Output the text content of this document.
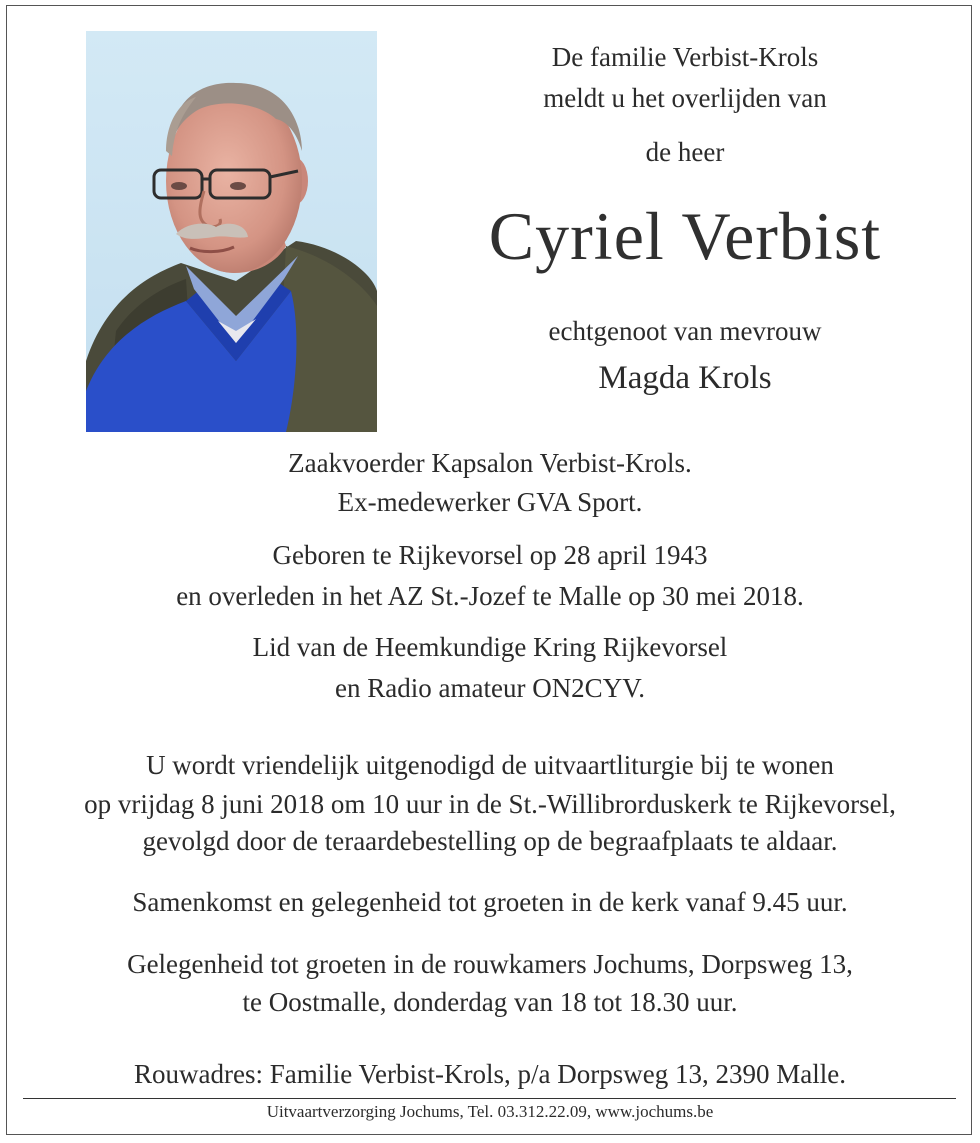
De familie Verbist-Krols
meldt u het overlijden van
de heer
Cyriel Verbist
echtgenoot van mevrouw
Magda Krols
Zaakvoerder Kapsalon Verbist-Krols.
Ex-medewerker GVA Sport.
Geboren te Rijkevorsel op 28 april 1943
en overleden in het AZ St.-Jozef te Malle op 30 mei 2018.
Lid van de Heemkundige Kring Rijkevorsel
en Radio amateur ON2CYV.
U wordt vriendelijk uitgenodigd de uitvaartliturgie bij te wonen
op vrijdag 8 juni 2018 om 10 uur in de St.-Willibrorduskerk te Rijkevorsel,
gevolgd door de teraardebestelling op de begraafplaats te aldaar.
Samenkomst en gelegenheid tot groeten in de kerk vanaf 9.45 uur.
Gelegenheid tot groeten in de rouwkamers Jochums, Dorpsweg 13,
te Oostmalle, donderdag van 18 tot 18.30 uur.
Rouwadres: Familie Verbist-Krols, p/a Dorpsweg 13, 2390 Malle.
Uitvaartverzorging Jochums, Tel. 03.312.22.09, www.jochums.be
